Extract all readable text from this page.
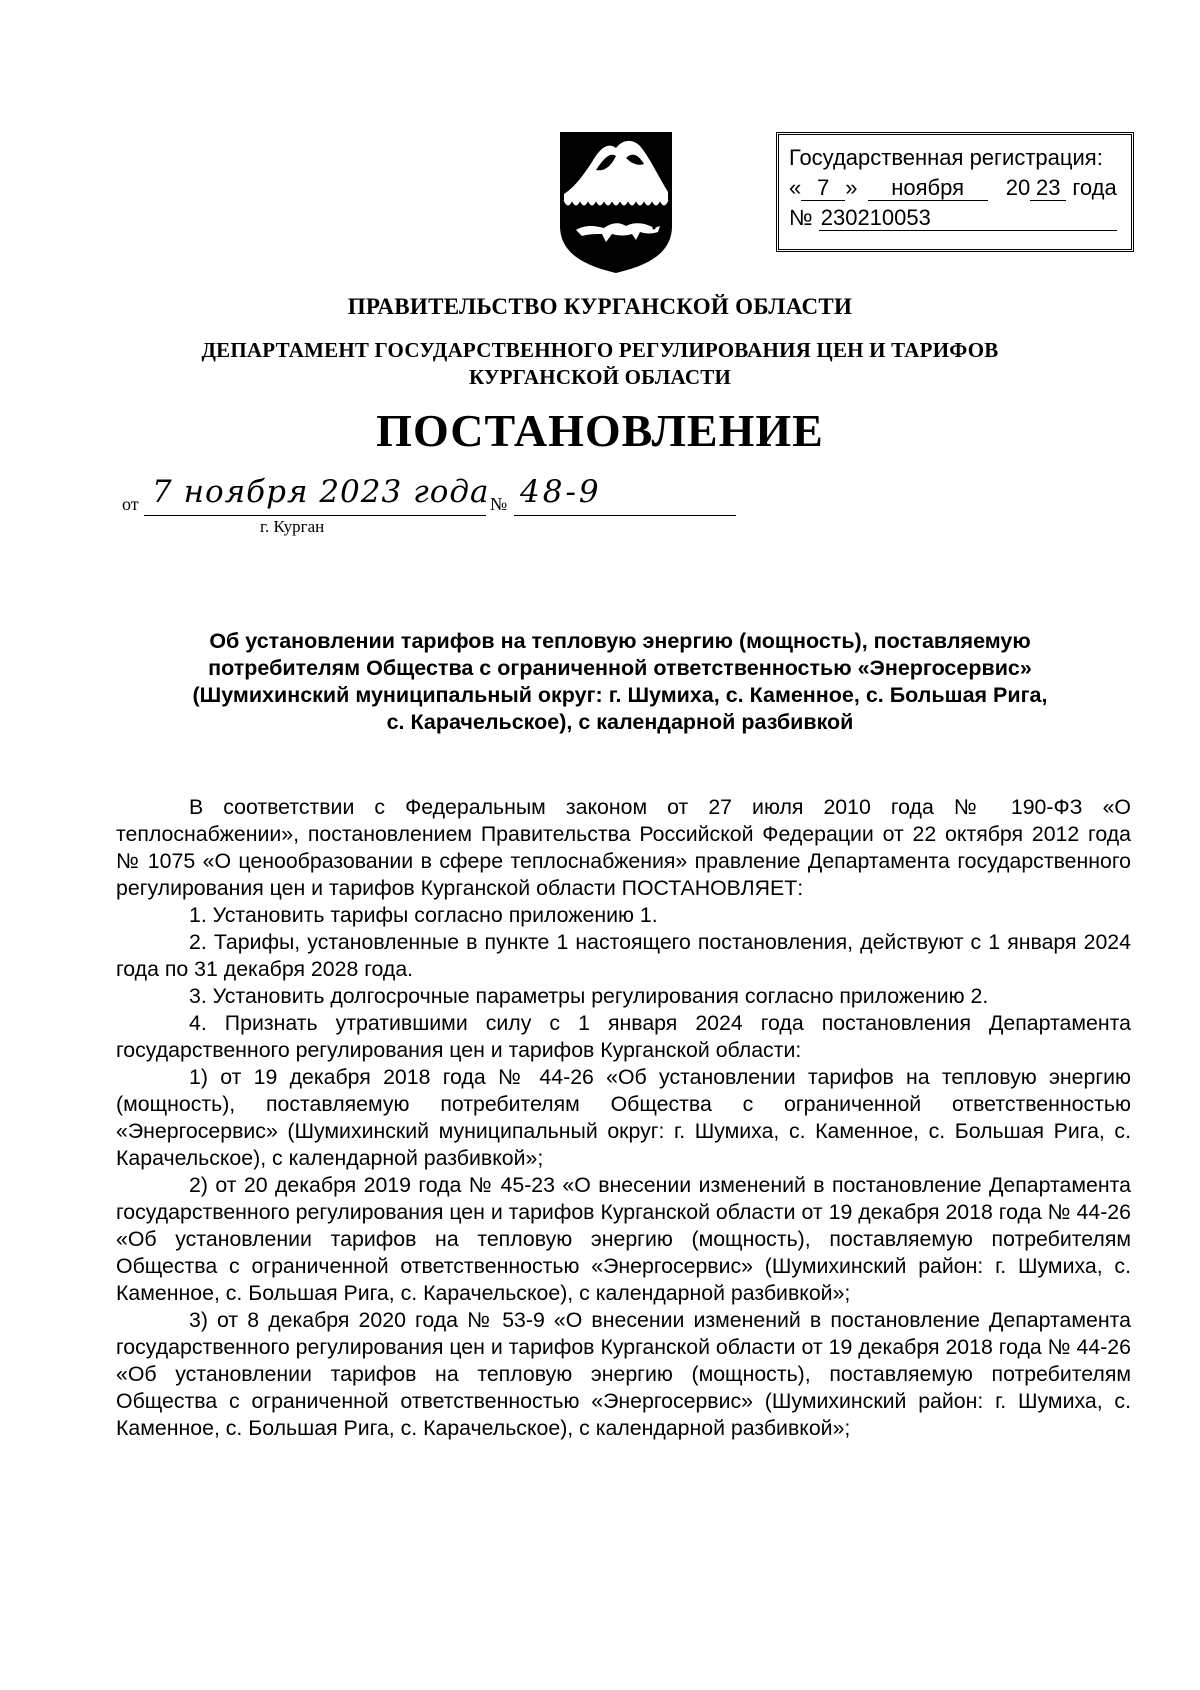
Государственная регистрация:
« 7 » ноября 20 23 года
№ 230210053
ПРАВИТЕЛЬСТВО КУРГАНСКОЙ ОБЛАСТИ
ДЕПАРТАМЕНТ ГОСУДАРСТВЕННОГО РЕГУЛИРОВАНИЯ ЦЕН И ТАРИФОВ
КУРГАНСКОЙ ОБЛАСТИ
ПОСТАНОВЛЕНИЕ
от 7 ноября 2023 года № 48-9
г. Курган
Об установлении тарифов на тепловую энергию (мощность), поставляемую
потребителям Общества с ограниченной ответственностью «Энергосервис»
(Шумихинский муниципальный округ: г. Шумиха, с. Каменное, с. Большая Рига,
с. Карачельское), с календарной разбивкой

В соответствии с Федеральным законом от 27 июля 2010 года № 190-ФЗ «О теплоснабжении», постановлением Правительства Российской Федерации от 22 октября 2012 года № 1075 «О ценообразовании в сфере теплоснабжения» правление Департамента государственного регулирования цен и тарифов Курганской области ПОСТАНОВЛЯЕТ:

1. Установить тарифы согласно приложению 1.

2. Тарифы, установленные в пункте 1 настоящего постановления, действуют с 1 января 2024 года по 31 декабря 2028 года.

3. Установить долгосрочные параметры регулирования согласно приложению 2.

4. Признать утратившими силу с 1 января 2024 года постановления Департамента государственного регулирования цен и тарифов Курганской области:

1) от 19 декабря 2018 года № 44-26 «Об установлении тарифов на тепловую энергию (мощность), поставляемую потребителям Общества с ограниченной ответственностью «Энергосервис» (Шумихинский муниципальный округ: г. Шумиха, с. Каменное, с. Большая Рига, с. Карачельское), с календарной разбивкой»;

2) от 20 декабря 2019 года № 45-23 «О внесении изменений в постановление Департамента государственного регулирования цен и тарифов Курганской области от 19 декабря 2018 года № 44-26 «Об установлении тарифов на тепловую энергию (мощность), поставляемую потребителям Общества с ограниченной ответственностью «Энергосервис» (Шумихинский район: г. Шумиха, с. Каменное, с. Большая Рига, с. Карачельское), с календарной разбивкой»;

3) от 8 декабря 2020 года № 53-9 «О внесении изменений в постановление Департамента государственного регулирования цен и тарифов Курганской области от 19 декабря 2018 года № 44-26 «Об установлении тарифов на тепловую энергию (мощность), поставляемую потребителям Общества с ограниченной ответственностью «Энергосервис» (Шумихинский район: г. Шумиха, с. Каменное, с. Большая Рига, с. Карачельское), с календарной разбивкой»;
